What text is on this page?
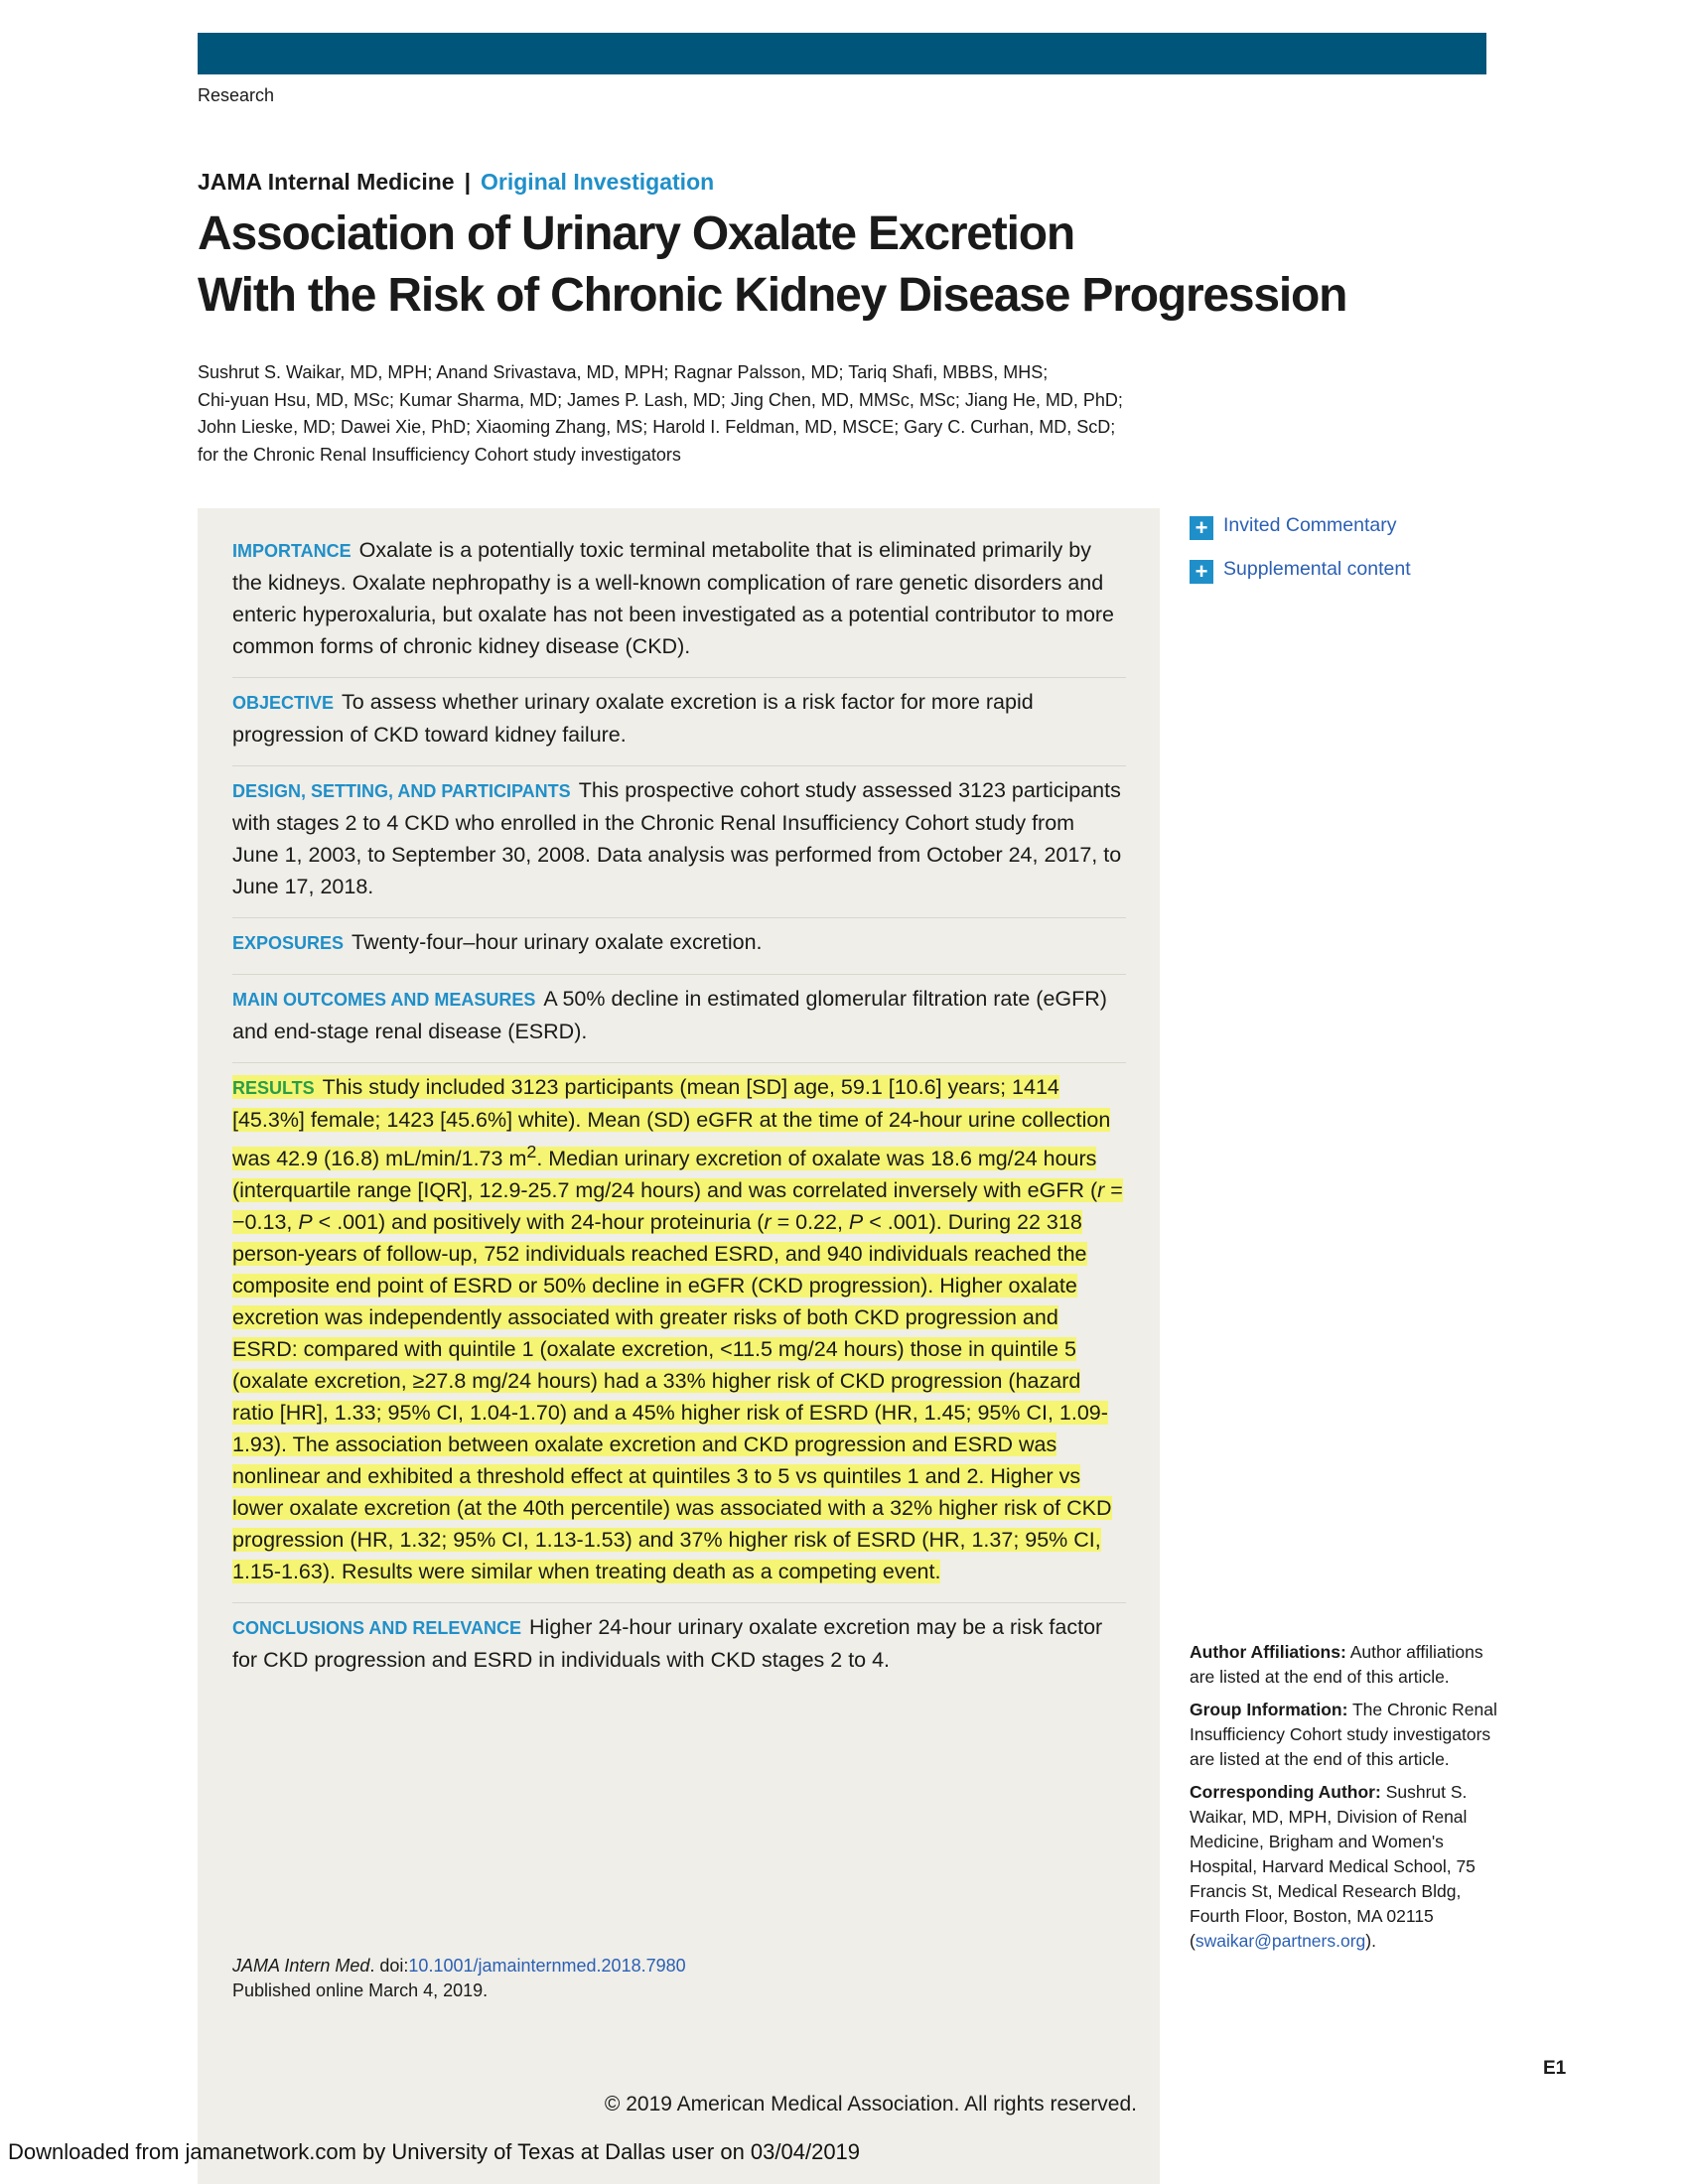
Research
JAMA Internal Medicine | Original Investigation
Association of Urinary Oxalate Excretion
With the Risk of Chronic Kidney Disease Progression
Sushrut S. Waikar, MD, MPH; Anand Srivastava, MD, MPH; Ragnar Palsson, MD; Tariq Shafi, MBBS, MHS;
Chi-yuan Hsu, MD, MSc; Kumar Sharma, MD; James P. Lash, MD; Jing Chen, MD, MMSc, MSc; Jiang He, MD, PhD;
John Lieske, MD; Dawei Xie, PhD; Xiaoming Zhang, MS; Harold I. Feldman, MD, MSCE; Gary C. Curhan, MD, ScD;
for the Chronic Renal Insufficiency Cohort study investigators
+ Invited Commentary
+ Supplemental content
IMPORTANCE Oxalate is a potentially toxic terminal metabolite that is eliminated primarily by the kidneys. Oxalate nephropathy is a well-known complication of rare genetic disorders and enteric hyperoxaluria, but oxalate has not been investigated as a potential contributor to more common forms of chronic kidney disease (CKD).
OBJECTIVE To assess whether urinary oxalate excretion is a risk factor for more rapid progression of CKD toward kidney failure.
DESIGN, SETTING, AND PARTICIPANTS This prospective cohort study assessed 3123 participants with stages 2 to 4 CKD who enrolled in the Chronic Renal Insufficiency Cohort study from June 1, 2003, to September 30, 2008. Data analysis was performed from October 24, 2017, to June 17, 2018.
EXPOSURES Twenty-four–hour urinary oxalate excretion.
MAIN OUTCOMES AND MEASURES A 50% decline in estimated glomerular filtration rate (eGFR) and end-stage renal disease (ESRD).
RESULTS This study included 3123 participants (mean [SD] age, 59.1 [10.6] years; 1414 [45.3%] female; 1423 [45.6%] white). Mean (SD) eGFR at the time of 24-hour urine collection was 42.9 (16.8) mL/min/1.73 $m^2$. Median urinary excretion of oxalate was 18.6 mg/24 hours (interquartile range [IQR], 12.9-25.7 mg/24 hours) and was correlated inversely with eGFR (r = −0.13, P < .001) and positively with 24-hour proteinuria (r = 0.22, P < .001). During 22 318 person-years of follow-up, 752 individuals reached ESRD, and 940 individuals reached the composite end point of ESRD or 50% decline in eGFR (CKD progression). Higher oxalate excretion was independently associated with greater risks of both CKD progression and ESRD: compared with quintile 1 (oxalate excretion, <11.5 mg/24 hours) those in quintile 5 (oxalate excretion, ≥27.8 mg/24 hours) had a 33% higher risk of CKD progression (hazard ratio [HR], 1.33; 95% CI, 1.04-1.70) and a 45% higher risk of ESRD (HR, 1.45; 95% CI, 1.09-1.93). The association between oxalate excretion and CKD progression and ESRD was nonlinear and exhibited a threshold effect at quintiles 3 to 5 vs quintiles 1 and 2. Higher vs lower oxalate excretion (at the 40th percentile) was associated with a 32% higher risk of CKD progression (HR, 1.32; 95% CI, 1.13-1.53) and 37% higher risk of ESRD (HR, 1.37; 95% CI, 1.15-1.63). Results were similar when treating death as a competing event.
CONCLUSIONS AND RELEVANCE Higher 24-hour urinary oxalate excretion may be a risk factor for CKD progression and ESRD in individuals with CKD stages 2 to 4.
JAMA Intern Med. doi:10.1001/jamainternmed.2018.7980
Published online March 4, 2019.
© 2019 American Medical Association. All rights reserved.

Author Affiliations: Author affiliations are listed at the end of this article.

Group Information: The Chronic Renal Insufficiency Cohort study investigators are listed at the end of this article.

Corresponding Author: Sushrut S. Waikar, MD, MPH, Division of Renal Medicine, Brigham and Women's Hospital, Harvard Medical School, 75 Francis St, Medical Research Bldg, Fourth Floor, Boston, MA 02115 (swaikar@partners.org).

E1
Downloaded from jamanetwork.com by University of Texas at Dallas user on 03/04/2019
